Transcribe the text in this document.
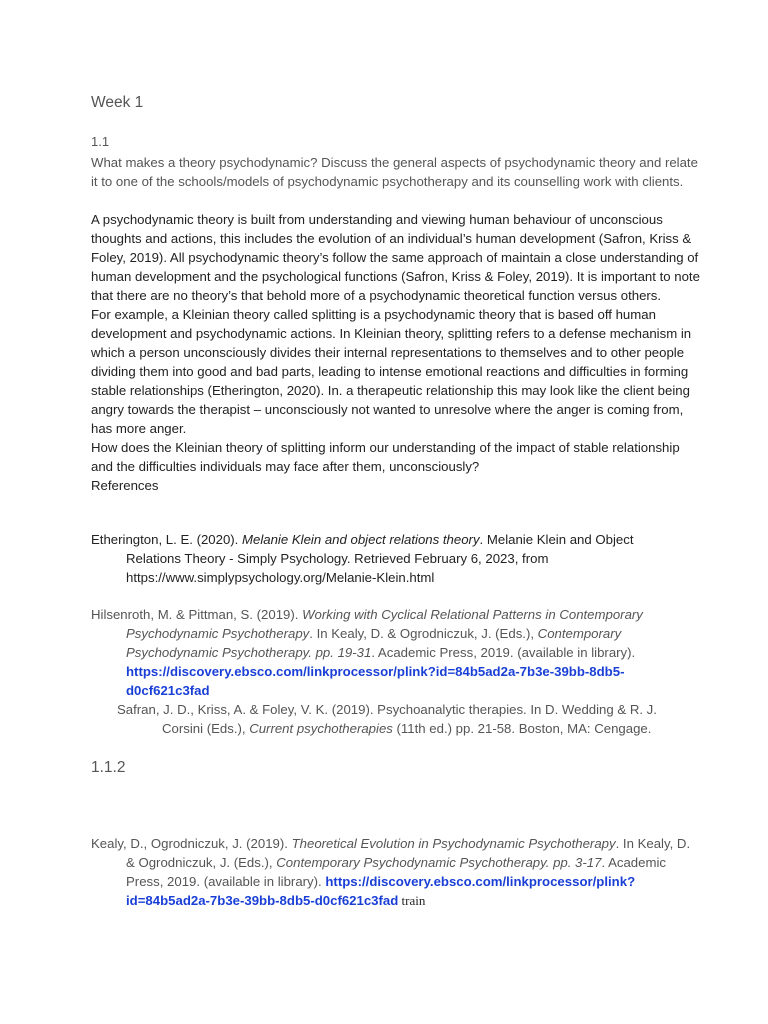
Week 1
1.1

What makes a theory psychodynamic? Discuss the general aspects of psychodynamic theory and relate it to one of the schools/models of psychodynamic psychotherapy and its counselling work with clients.

A psychodynamic theory is built from understanding and viewing human behaviour of unconscious thoughts and actions, this includes the evolution of an individual’s human development (Safron, Kriss & Foley, 2019). All psychodynamic theory’s follow the same approach of maintain a close understanding of human development and the psychological functions (Safron, Kriss & Foley, 2019). It is important to note that there are no theory’s that behold more of a psychodynamic theoretical function versus others.

For example, a Kleinian theory called splitting is a psychodynamic theory that is based off human development and psychodynamic actions. In Kleinian theory, splitting refers to a defense mechanism in which a person unconsciously divides their internal representations to themselves and to other people dividing them into good and bad parts, leading to intense emotional reactions and difficulties in forming stable relationships (Etherington, 2020). In. a therapeutic relationship this may look like the client being angry towards the therapist – unconsciously not wanted to unresolve where the anger is coming from, has more anger.

How does the Kleinian theory of splitting inform our understanding of the impact of stable relationship and the difficulties individuals may face after them, unconsciously?

References

Etherington, L. E. (2020). Melanie Klein and object relations theory. Melanie Klein and Object Relations Theory - Simply Psychology. Retrieved February 6, 2023, from https://www.simplypsychology.org/Melanie-Klein.html
Hilsenroth, M. & Pittman, S. (2019). Working with Cyclical Relational Patterns in Contemporary Psychodynamic Psychotherapy. In Kealy, D. & Ogrodniczuk, J. (Eds.), Contemporary Psychodynamic Psychotherapy. pp. 19-31. Academic Press, 2019. (available in library). https://discovery.ebsco.com/linkprocessor/plink?id=84b5ad2a-7b3e-39bb-8db5-d0cf621c3fad
Safran, J. D., Kriss, A. & Foley, V. K. (2019). Psychoanalytic therapies. In D. Wedding & R. J. Corsini (Eds.), Current psychotherapies (11th ed.) pp. 21-58. Boston, MA: Cengage.
1.1.2
Kealy, D., Ogrodniczuk, J. (2019). Theoretical Evolution in Psychodynamic Psychotherapy. In Kealy, D. & Ogrodniczuk, J. (Eds.), Contemporary Psychodynamic Psychotherapy. pp. 3-17. Academic Press, 2019. (available in library). https://discovery.ebsco.com/linkprocessor/plink?id=84b5ad2a-7b3e-39bb-8db5-d0cf621c3fad train
